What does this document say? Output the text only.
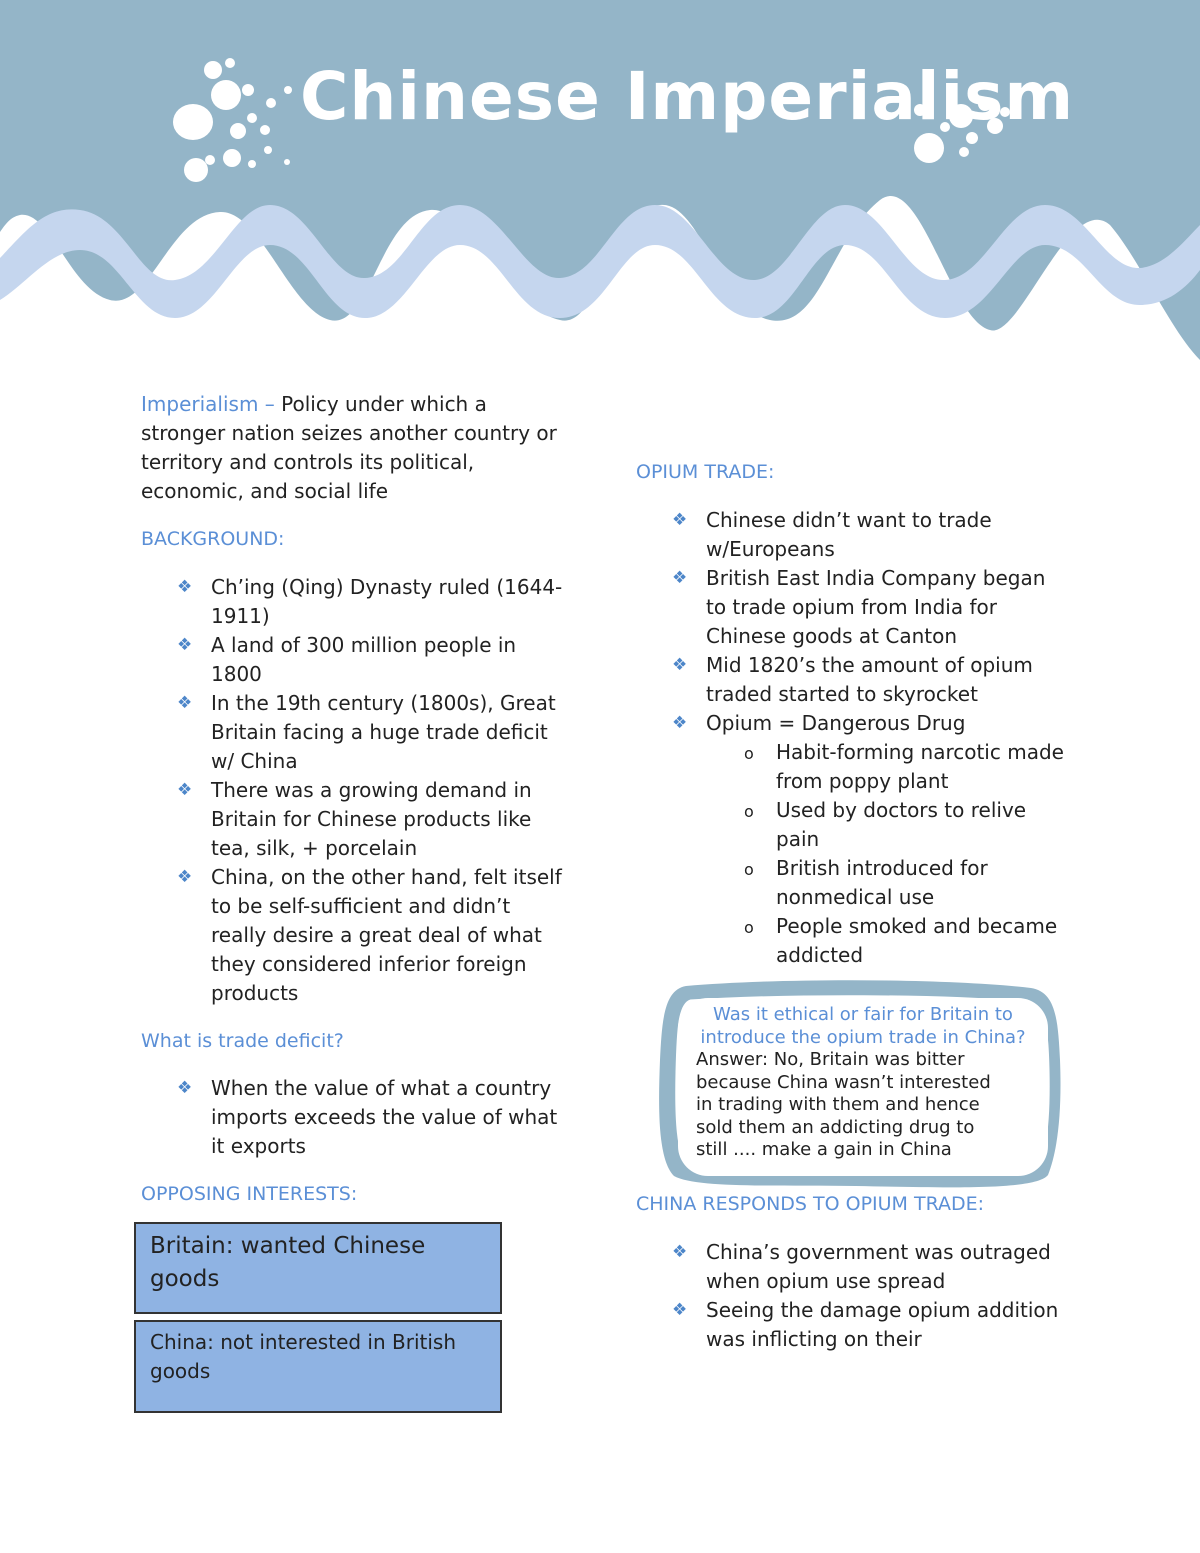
Chinese Imperialism

Imperialism – Policy under which a stronger nation seizes another country or territory and controls its political, economic, and social life

BACKGROUND:

❖ Ch’ing (Qing) Dynasty ruled (1644-1911)
❖ A land of 300 million people in 1800
❖ In the 19th century (1800s), Great Britain facing a huge trade deficit w/ China
❖ There was a growing demand in Britain for Chinese products like tea, silk, + porcelain
❖ China, on the other hand, felt itself to be self-sufficient and didn’t really desire a great deal of what they considered inferior foreign products

What is trade deficit?

❖ When the value of what a country imports exceeds the value of what it exports

OPPOSING INTERESTS:

Britain: wanted Chinese goods
China: not interested in British goods

OPIUM TRADE:

❖ Chinese didn’t want to trade w/Europeans
❖ British East India Company began to trade opium from India for Chinese goods at Canton
❖ Mid 1820’s the amount of opium traded started to skyrocket
❖ Opium = Dangerous Drug
o Habit-forming narcotic made from poppy plant
o Used by doctors to relive pain
o British introduced for nonmedical use
o People smoked and became addicted
Was it ethical or fair for Britain to introduce the opium trade in China?
Answer: No, Britain was bitter because China wasn’t interested in trading with them and hence sold them an addicting drug to still .... make a gain in China

CHINA RESPONDS TO OPIUM TRADE:

❖ China’s government was outraged when opium use spread
❖ Seeing the damage opium addition was inflicting on their
